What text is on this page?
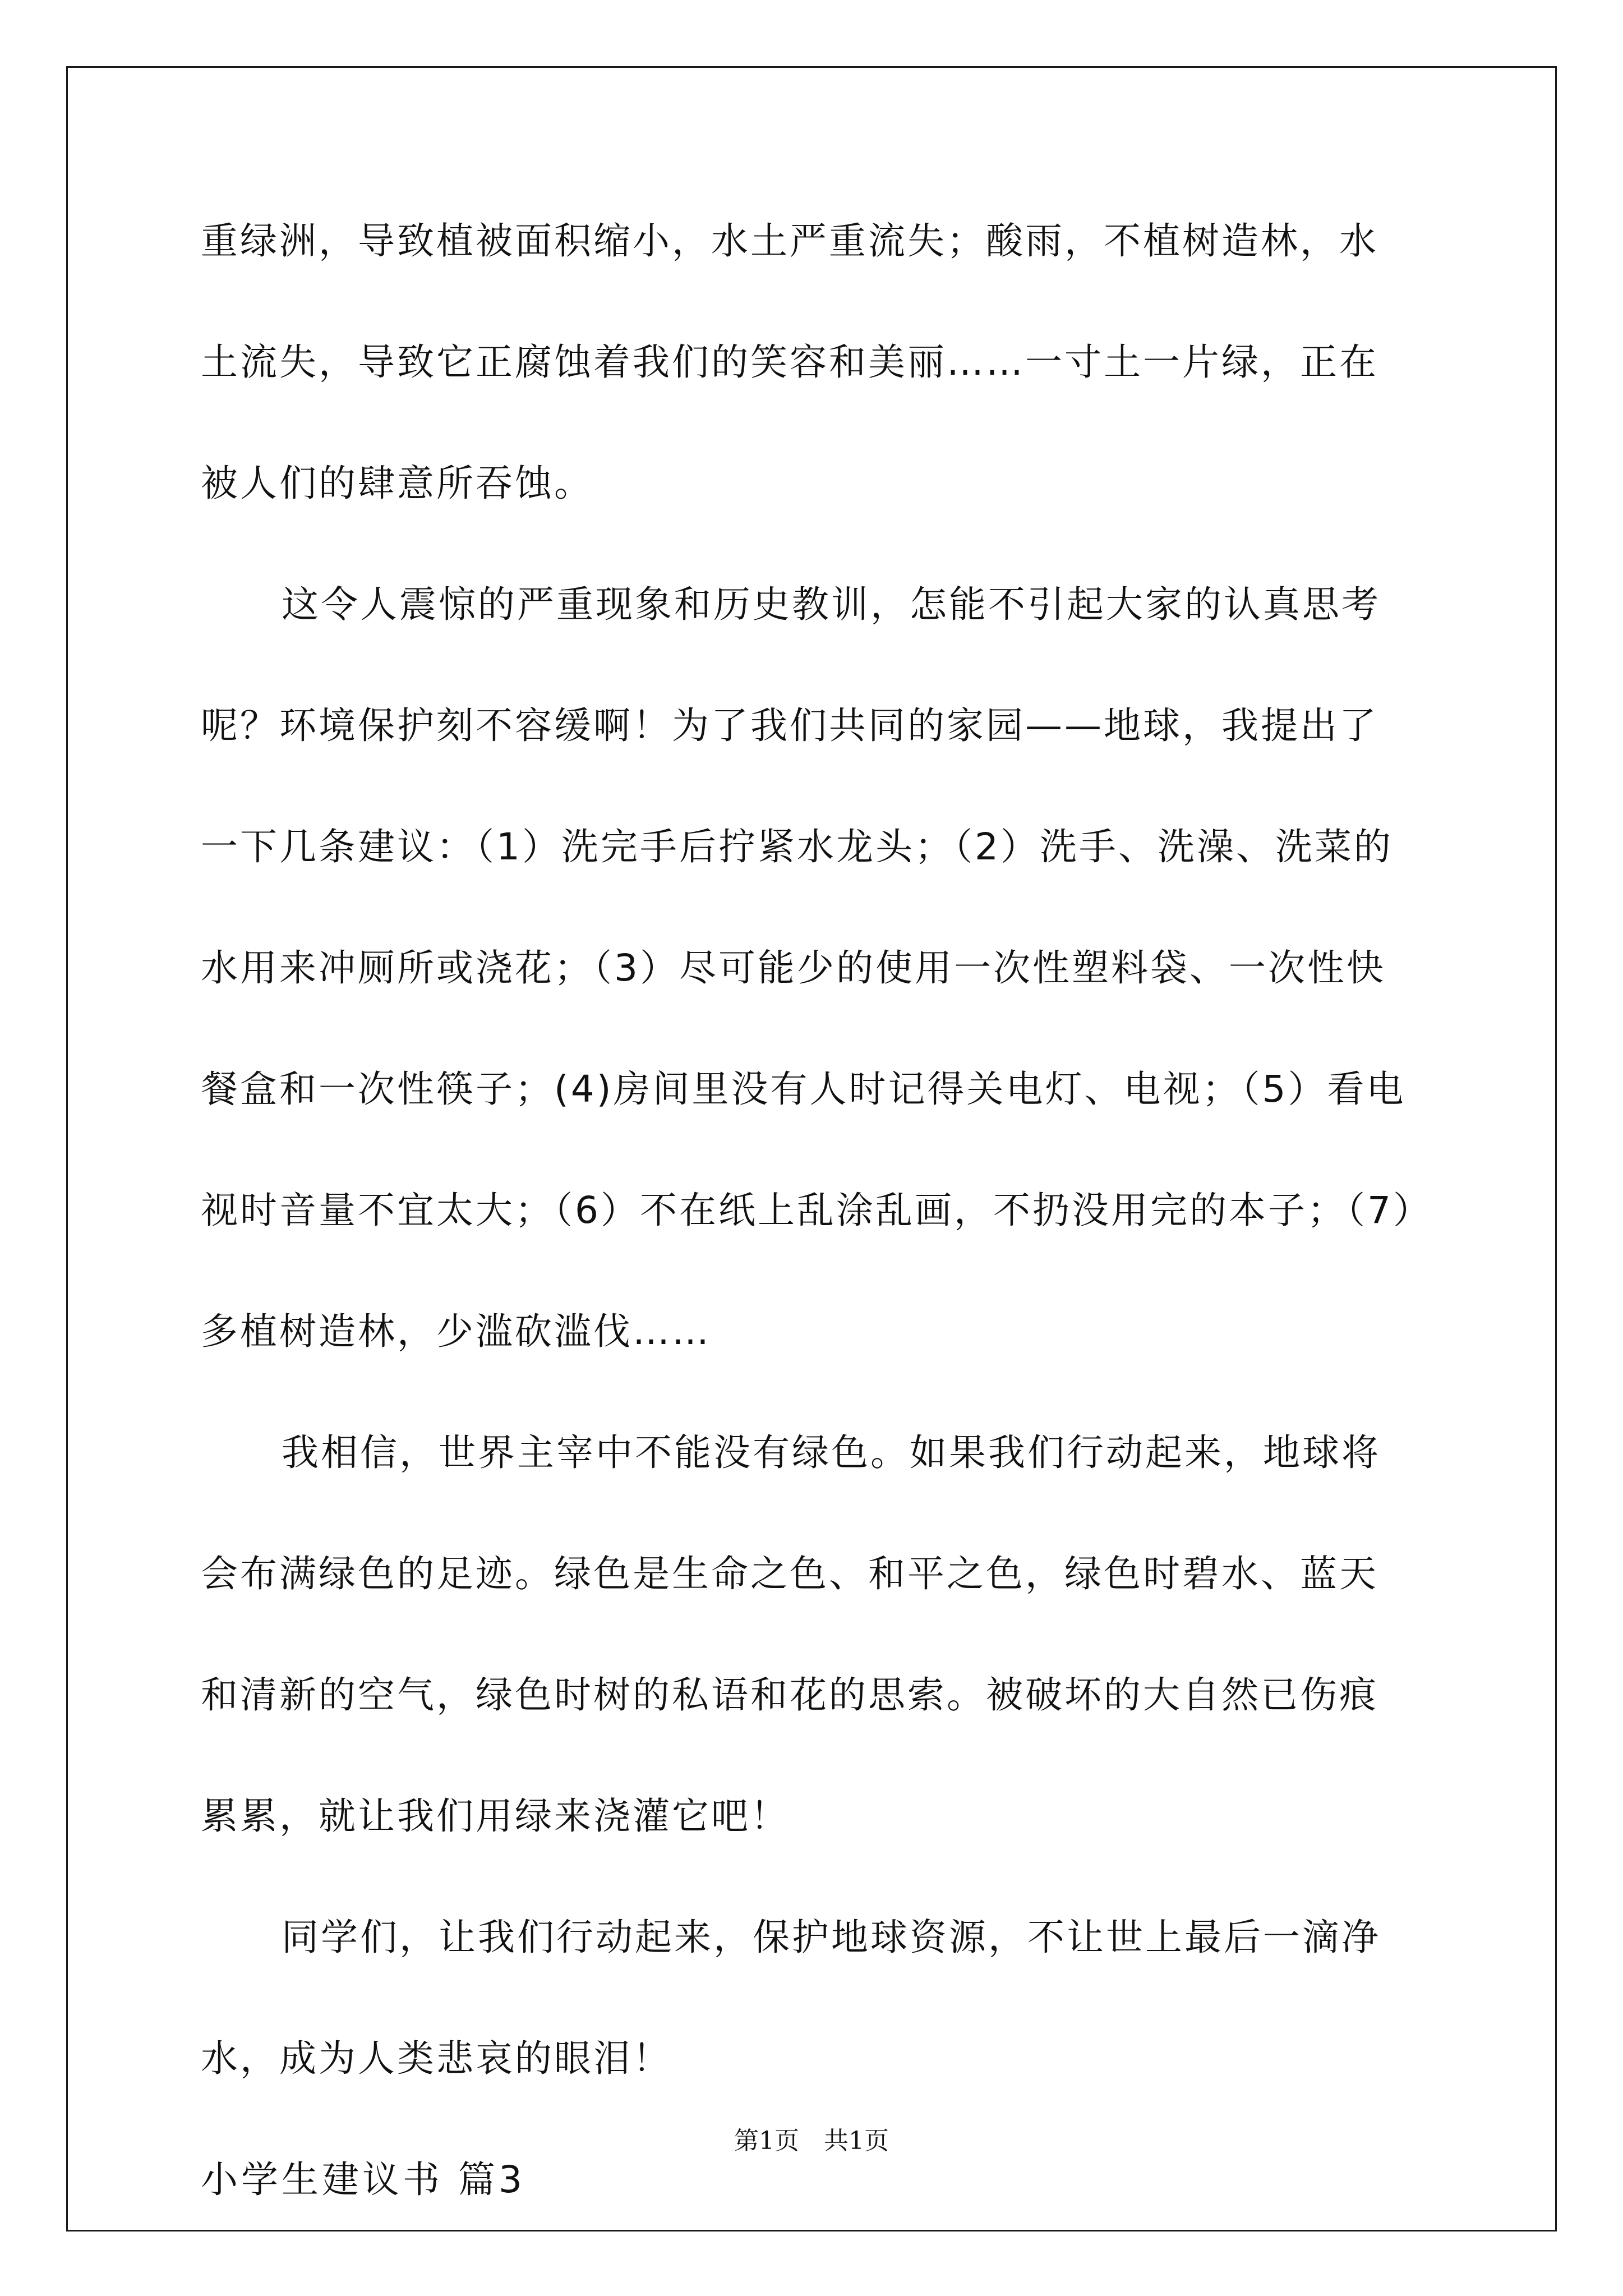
重绿洲，导致植被面积缩小，水土严重流失；酸雨，不植树造林，水
土流失，导致它正腐蚀着我们的笑容和美丽……一寸土一片绿，正在
被人们的肆意所吞蚀。
这令人震惊的严重现象和历史教训，怎能不引起大家的认真思考
呢？环境保护刻不容缓啊！为了我们共同的家园——地球，我提出了
一下几条建议：（1）洗完手后拧紧水龙头；（2）洗手、洗澡、洗菜的
水用来冲厕所或浇花；（3）尽可能少的使用一次性塑料袋、一次性快
餐盒和一次性筷子；(4)房间里没有人时记得关电灯、电视；（5）看电
视时音量不宜太大；（6）不在纸上乱涂乱画，不扔没用完的本子；（7）
多植树造林，少滥砍滥伐……
我相信，世界主宰中不能没有绿色。如果我们行动起来，地球将
会布满绿色的足迹。绿色是生命之色、和平之色，绿色时碧水、蓝天
和清新的空气，绿色时树的私语和花的思索。被破坏的大自然已伤痕
累累，就让我们用绿来浇灌它吧！
同学们，让我们行动起来，保护地球资源，不让世上最后一滴净
水，成为人类悲哀的眼泪！
小学生建议书 篇3
第1页　共1页
